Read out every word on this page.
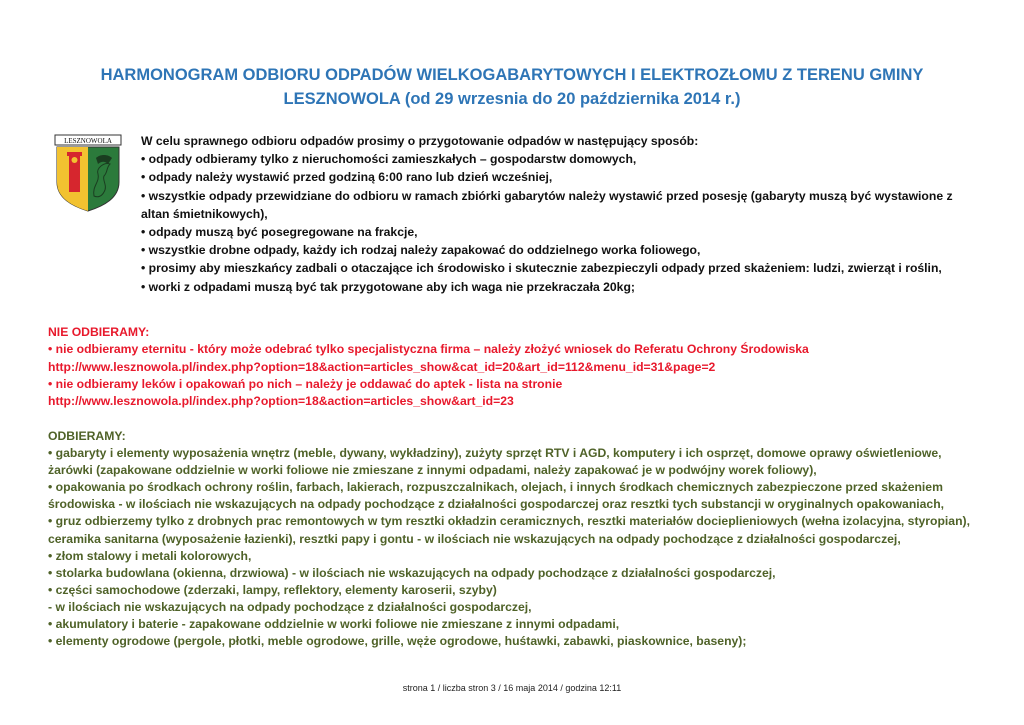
HARMONOGRAM ODBIORU ODPADÓW WIELKOGABARYTOWYCH I ELEKTROZŁOMU Z TERENU GMINY
LESZNOWOLA (od 29 wrzesnia do 20 października 2014 r.)
LESZNOWOLA W celu sprawnego odbioru odpadów prosimy o przygotowanie odpadów w następujący sposób:
• odpady odbieramy tylko z nieruchomości zamieszkałych – gospodarstw domowych,
• odpady należy wystawić przed godziną 6:00 rano lub dzień wcześniej,
• wszystkie odpady przewidziane do odbioru w ramach zbiórki gabarytów należy wystawić przed posesję (gabaryty muszą być wystawione z
altan śmietnikowych),
• odpady muszą być posegregowane na frakcje,
• wszystkie drobne odpady, każdy ich rodzaj należy zapakować do oddzielnego worka foliowego,
• prosimy aby mieszkańcy zadbali o otaczające ich środowisko i skutecznie zabezpieczyli odpady przed skażeniem: ludzi, zwierząt i roślin,
• worki z odpadami muszą być tak przygotowane aby ich waga nie przekraczała 20kg;
NIE ODBIERAMY:
• nie odbieramy eternitu - który może odebrać tylko specjalistyczna firma – należy złożyć wniosek do Referatu Ochrony Środowiska
http://www.lesznowola.pl/index.php?option=18&action=articles_show&cat_id=20&art_id=112&menu_id=31&page=2
• nie odbieramy leków i opakowań po nich – należy je oddawać do aptek - lista na stronie
http://www.lesznowola.pl/index.php?option=18&action=articles_show&art_id=23
ODBIERAMY:
• gabaryty i elementy wyposażenia wnętrz (meble, dywany, wykładziny), zużyty sprzęt RTV i AGD, komputery i ich osprzęt, domowe oprawy oświetleniowe,
żarówki (zapakowane oddzielnie w worki foliowe nie zmieszane z innymi odpadami, należy zapakować je w podwójny worek foliowy),
• opakowania po środkach ochrony roślin, farbach, lakierach, rozpuszczalnikach, olejach, i innych środkach chemicznych zabezpieczone przed skażeniem
środowiska - w ilościach nie wskazujących na odpady pochodzące z działalności gospodarczej oraz resztki tych substancji w oryginalnych opakowaniach,
• gruz odbierzemy tylko z drobnych prac remontowych w tym resztki okładzin ceramicznych, resztki materiałów docieplieniowych (wełna izolacyjna, styropian),
ceramika sanitarna (wyposażenie łazienki), resztki papy i gontu - w ilościach nie wskazujących na odpady pochodzące z działalności gospodarczej,
• złom stalowy i metali kolorowych,
• stolarka budowlana (okienna, drzwiowa) - w ilościach nie wskazujących na odpady pochodzące z działalności gospodarczej,
• części samochodowe (zderzaki, lampy, reflektory, elementy karoserii, szyby)
- w ilościach nie wskazujących na odpady pochodzące z działalności gospodarczej,
• akumulatory i baterie - zapakowane oddzielnie w worki foliowe nie zmieszane z innymi odpadami,
• elementy ogrodowe (pergole, płotki, meble ogrodowe, grille, węże ogrodowe, huśtawki, zabawki, piaskownice, baseny);
strona 1 / liczba stron 3 / 16 maja 2014 / godzina 12:11
